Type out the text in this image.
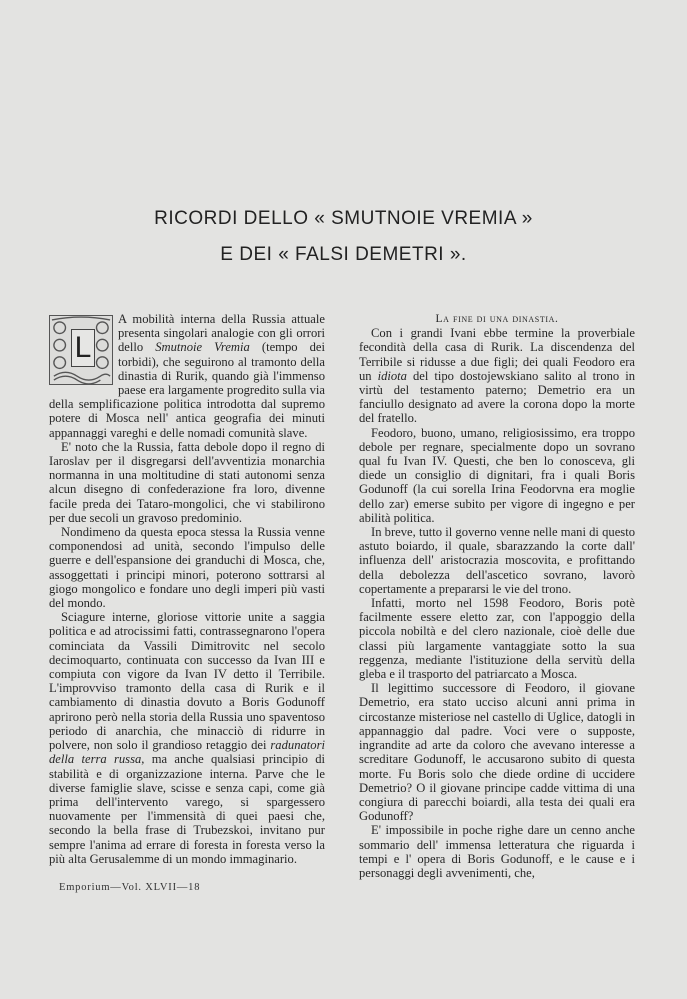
RICORDI DELLO « SMUTNOIE VREMIA »
E DEI « FALSI DEMETRI ».

L
A mobilità interna della Russia attuale presenta singolari analogie con gli orrori dello Smutnoie Vremia (tempo dei torbidi), che seguirono al tramonto della dinastia di Rurik, quando già l'immenso paese era largamente progredito sulla via della semplificazione politica introdotta dal supremo potere di Mosca nell' antica geografia dei minuti appannaggi vareghi e delle nomadi comunità slave.

E' noto che la Russia, fatta debole dopo il regno di Iaroslav per il disgregarsi dell'avventizia monarchia normanna in una moltitudine di stati autonomi senza alcun disegno di confederazione fra loro, divenne facile preda dei Tataro-mongolici, che vi stabilirono per due secoli un gravoso predominio.

Nondimeno da questa epoca stessa la Russia venne componendosi ad unità, secondo l'impulso delle guerre e dell'espansione dei granduchi di Mosca, che, assoggettati i principi minori, poterono sottrarsi al giogo mongolico e fondare uno degli imperi più vasti del mondo.

Sciagure interne, gloriose vittorie unite a saggia politica e ad atrocissimi fatti, contrassegnarono l'opera cominciata da Vassili Dimitrovitc nel secolo decimoquarto, continuata con successo da Ivan III e compiuta con vigore da Ivan IV detto il Terribile. L'improvviso tramonto della casa di Rurik e il cambiamento di dinastia dovuto a Boris Godunoff aprirono però nella storia della Russia uno spaventoso periodo di anarchia, che minacciò di ridurre in polvere, non solo il grandioso retaggio dei radunatori della terra russa, ma anche qualsiasi principio di stabilità e di organizzazione interna. Parve che le diverse famiglie slave, scisse e senza capi, come già prima dell'intervento varego, si spargessero nuovamente per l'immensità di quei paesi che, secondo la bella frase di Trubezskoi, invitano pur sempre l'anima ad errare di foresta in foresta verso la più alta Gerusalemme di un mondo immaginario.

La fine di una dinastia.

Con i grandi Ivani ebbe termine la proverbiale fecondità della casa di Rurik. La discendenza del Terribile si ridusse a due figli; dei quali Feodoro era un idiota del tipo dostojewskiano salito al trono in virtù del testamento paterno; Demetrio era un fanciullo designato ad avere la corona dopo la morte del fratello.

Feodoro, buono, umano, religiosissimo, era troppo debole per regnare, specialmente dopo un sovrano qual fu Ivan IV. Questi, che ben lo conosceva, gli diede un consiglio di dignitari, fra i quali Boris Godunoff (la cui sorella Irina Feodorvna era moglie dello zar) emerse subito per vigore di ingegno e per abilità politica.

In breve, tutto il governo venne nelle mani di questo astuto boiardo, il quale, sbarazzando la corte dall' influenza dell' aristocrazia moscovita, e profittando della debolezza dell'ascetico sovrano, lavorò copertamente a prepararsi le vie del trono.

Infatti, morto nel 1598 Feodoro, Boris potè facilmente essere eletto zar, con l'appoggio della piccola nobiltà e del clero nazionale, cioè delle due classi più largamente vantaggiate sotto la sua reggenza, mediante l'istituzione della servitù della gleba e il trasporto del patriarcato a Mosca.

Il legittimo successore di Feodoro, il giovane Demetrio, era stato ucciso alcuni anni prima in circostanze misteriose nel castello di Uglice, datogli in appannaggio dal padre. Voci vere o supposte, ingrandite ad arte da coloro che avevano interesse a screditare Godunoff, le accusarono subito di questa morte. Fu Boris solo che diede ordine di uccidere Demetrio? O il giovane principe cadde vittima di una congiura di parecchi boiardi, alla testa dei quali era Godunoff?

E' impossibile in poche righe dare un cenno anche sommario dell' immensa letteratura che riguarda i tempi e l' opera di Boris Godunoff, e le cause e i personaggi degli avvenimenti, che,

Emporium—Vol. XLVII—18
